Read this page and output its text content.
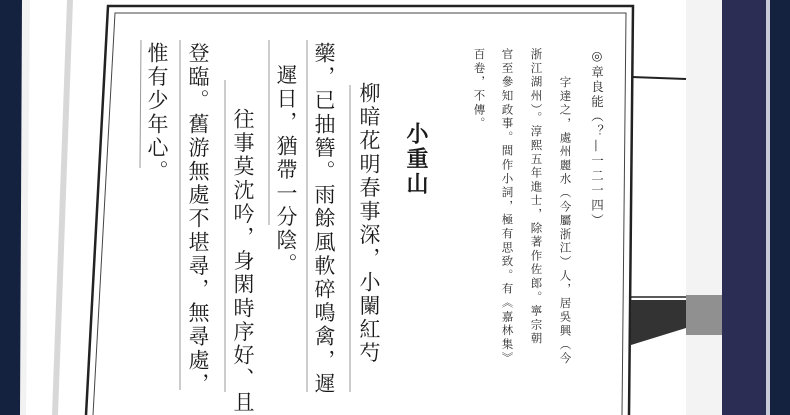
◎章良能（？—一二一四）
字達之，處州麗水（今屬浙江）人，居吳興（今
浙江湖州）。淳熙五年進士，除著作佐郎。寧宗朝
官至參知政事。間作小詞，極有思致。有《嘉林集》
百卷，不傳。
小重山
柳暗花明春事深，小闌紅芍
藥，已抽簪。雨餘風軟碎鳴禽，遲
遲日，猶帶一分陰。
往事莫沈吟，身閑時序好、且
登臨。舊游無處不堪尋，無尋處，
惟有少年心。
